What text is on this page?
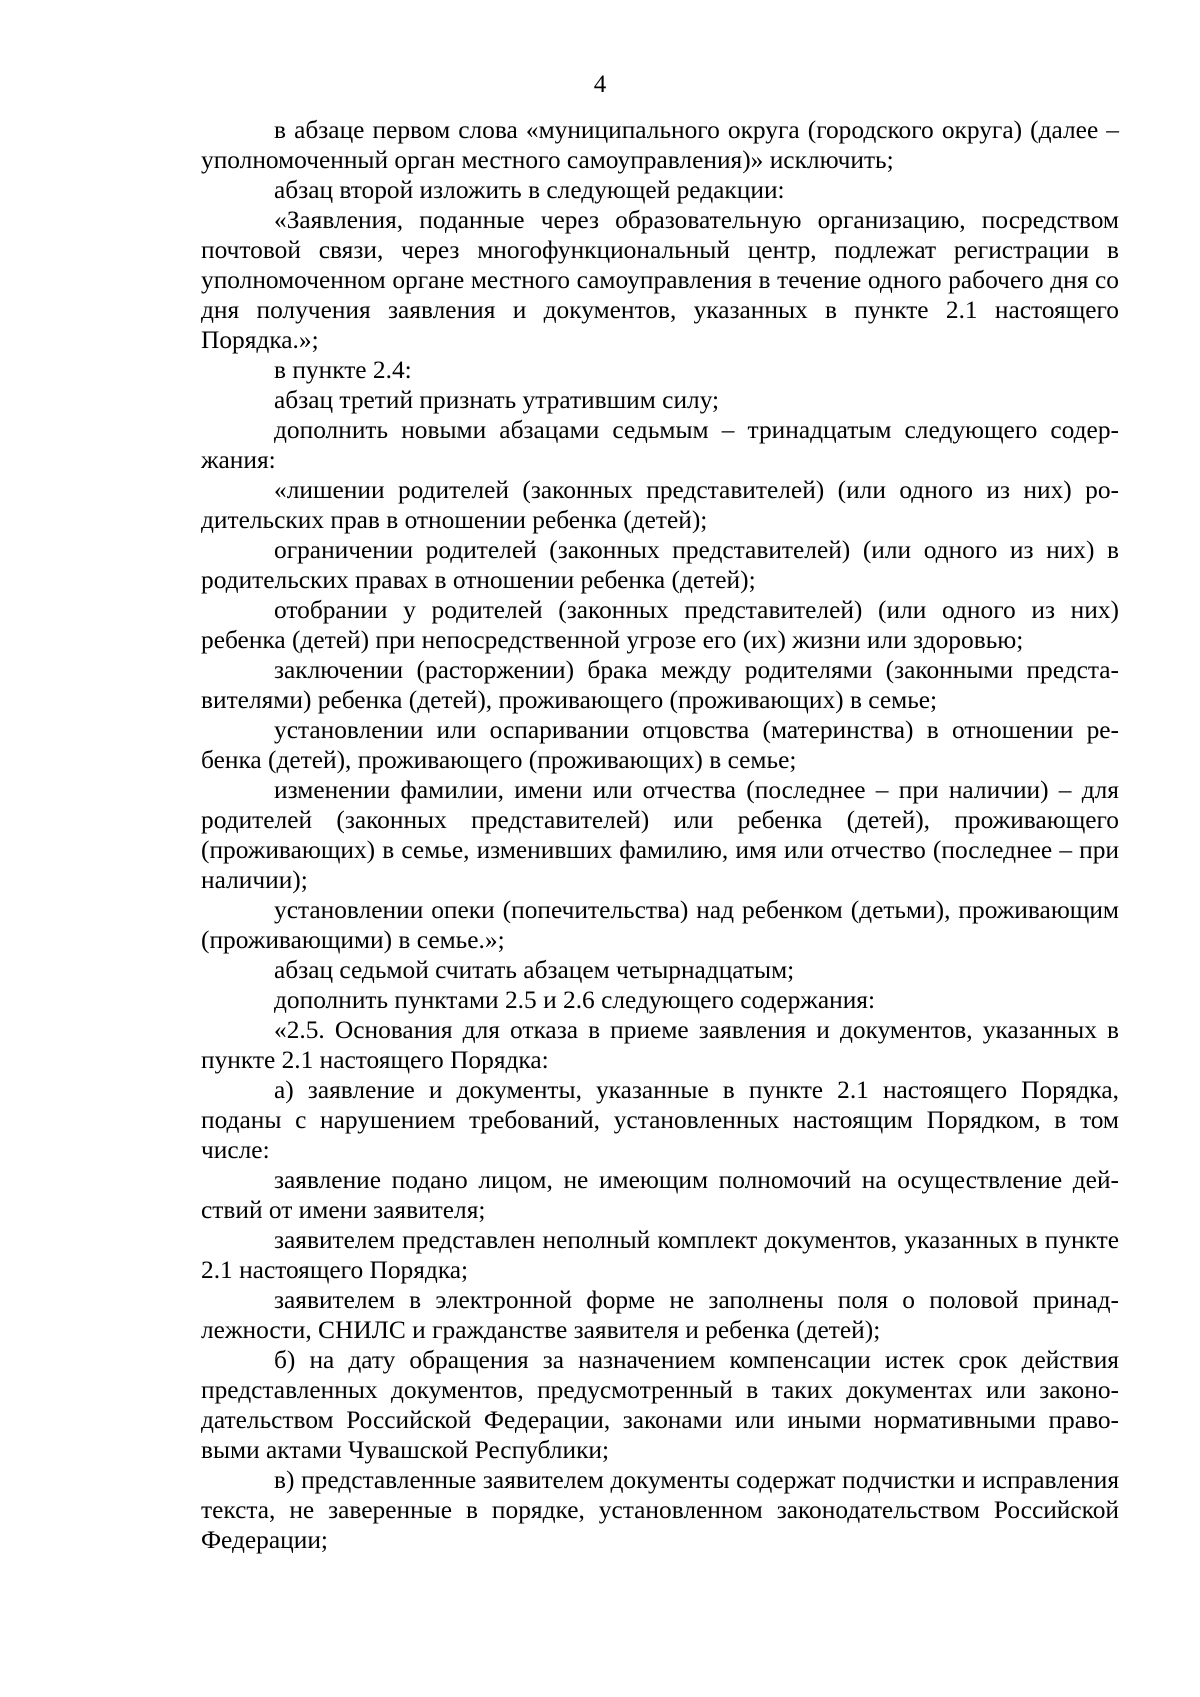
4

в абзаце первом слова «муниципального округа (городского округа) (далее – уполномоченный орган местного самоуправления)» исключить;

абзац второй изложить в следующей редакции:

«Заявления, поданные через образовательную организацию, посредством почтовой связи, через многофункциональный центр, подлежат регистрации в уполномоченном органе местного самоуправления в течение одного рабочего дня со дня получения заявления и документов, указанных в пункте 2.1 настоящего Порядка.»;

в пункте 2.4:

абзац третий признать утратившим силу;

дополнить новыми абзацами седьмым – тринадцатым следующего содержания:

«лишении родителей (законных представителей) (или одного из них) родительских прав в отношении ребенка (детей);

ограничении родителей (законных представителей) (или одного из них) в родительских правах в отношении ребенка (детей);

отобрании у родителей (законных представителей) (или одного из них) ребенка (детей) при непосредственной угрозе его (их) жизни или здоровью;

заключении (расторжении) брака между родителями (законными представителями) ребенка (детей), проживающего (проживающих) в семье;

установлении или оспаривании отцовства (материнства) в отношении ребенка (детей), проживающего (проживающих) в семье;

изменении фамилии, имени или отчества (последнее – при наличии) – для родителей (законных представителей) или ребенка (детей), проживающего (проживающих) в семье, изменивших фамилию, имя или отчество (последнее – при наличии);

установлении опеки (попечительства) над ребенком (детьми), проживающим (проживающими) в семье.»;

абзац седьмой считать абзацем четырнадцатым;

дополнить пунктами 2.5 и 2.6 следующего содержания:

«2.5. Основания для отказа в приеме заявления и документов, указанных в пункте 2.1 настоящего Порядка:

а) заявление и документы, указанные в пункте 2.1 настоящего Порядка, поданы с нарушением требований, установленных настоящим Порядком, в том числе:

заявление подано лицом, не имеющим полномочий на осуществление действий от имени заявителя;

заявителем представлен неполный комплект документов, указанных в пункте 2.1 настоящего Порядка;

заявителем в электронной форме не заполнены поля о половой принадлежности, СНИЛС и гражданстве заявителя и ребенка (детей);

б) на дату обращения за назначением компенсации истек срок действия представленных документов, предусмотренный в таких документах или законодательством Российской Федерации, законами или иными нормативными правовыми актами Чувашской Республики;

в) представленные заявителем документы содержат подчистки и исправления текста, не заверенные в порядке, установленном законодательством Российской Федерации;
